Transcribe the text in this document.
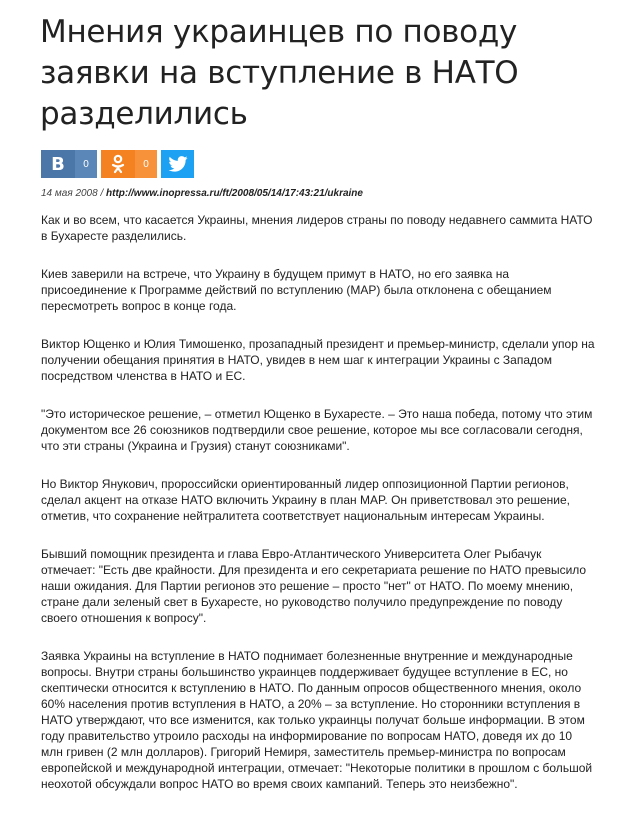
Мнения украинцев по поводу заявки на вступление в НАТО разделились
В	0	0
14 мая 2008 / http://www.inopressa.ru/ft/2008/05/14/17:43:21/ukraine

Как и во всем, что касается Украины, мнения лидеров страны по поводу недавнего саммита НАТО в Бухаресте разделились.

Киев заверили на встрече, что Украину в будущем примут в НАТО, но его заявка на присоединение к Программе действий по вступлению (MAP) была отклонена с обещанием пересмотреть вопрос в конце года.

Виктор Ющенко и Юлия Тимошенко, прозападный президент и премьер-министр, сделали упор на получении обещания принятия в НАТО, увидев в нем шаг к интеграции Украины с Западом посредством членства в НАТО и ЕС.

"Это историческое решение, – отметил Ющенко в Бухаресте. – Это наша победа, потому что этим документом все 26 союзников подтвердили свое решение, которое мы все согласовали сегодня, что эти страны (Украина и Грузия) станут союзниками".

Но Виктор Янукович, пророссийски ориентированный лидер оппозиционной Партии регионов, сделал акцент на отказе НАТО включить Украину в план MAP. Он приветствовал это решение, отметив, что сохранение нейтралитета соответствует национальным интересам Украины.

Бывший помощник президента и глава Евро-Атлантического Университета Олег Рыбачук отмечает: "Есть две крайности. Для президента и его секретариата решение по НАТО превысило наши ожидания. Для Партии регионов это решение – просто "нет" от НАТО. По моему мнению, стране дали зеленый свет в Бухаресте, но руководство получило предупреждение по поводу своего отношения к вопросу".

Заявка Украины на вступление в НАТО поднимает болезненные внутренние и международные вопросы. Внутри страны большинство украинцев поддерживает будущее вступление в ЕС, но скептически относится к вступлению в НАТО. По данным опросов общественного мнения, около 60% населения против вступления в НАТО, а 20% – за вступление. Но сторонники вступления в НАТО утверждают, что все изменится, как только украинцы получат больше информации. В этом году правительство утроило расходы на информирование по вопросам НАТО, доведя их до 10 млн гривен (2 млн долларов). Григорий Немиря, заместитель премьер-министра по вопросам европейской и международной интеграции, отмечает: "Некоторые политики в прошлом с большой неохотой обсуждали вопрос НАТО во время своих кампаний. Теперь это неизбежно".
